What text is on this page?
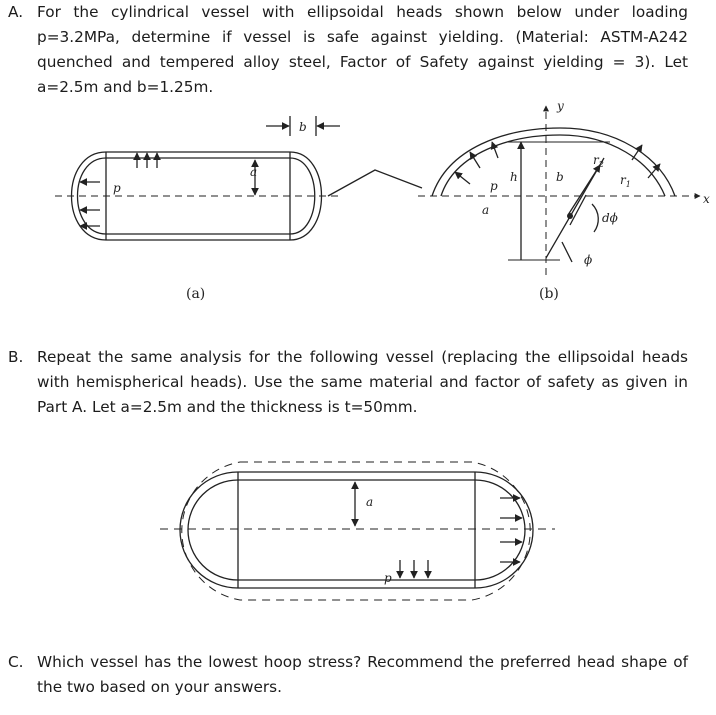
A. For the cylindrical vessel with ellipsoidal heads shown below under loading p=3.2MPa, determine if vessel is safe against yielding. (Material: ASTM-A242 quenched and tempered alloy steel, Factor of Safety against yielding = 3). Let a=2.5m and b=1.25m.
p
a
b
y
x
p
h	b
a
$r_2$
$r_1$
dϕ
ϕ
(a)	(b)
B. Repeat the same analysis for the following vessel (replacing the ellipsoidal heads with hemispherical heads). Use the same material and factor of safety as given in Part A. Let a=2.5m and the thickness is t=50mm.
a
p
C. Which vessel has the lowest hoop stress? Recommend the preferred head shape of the two based on your answers.
